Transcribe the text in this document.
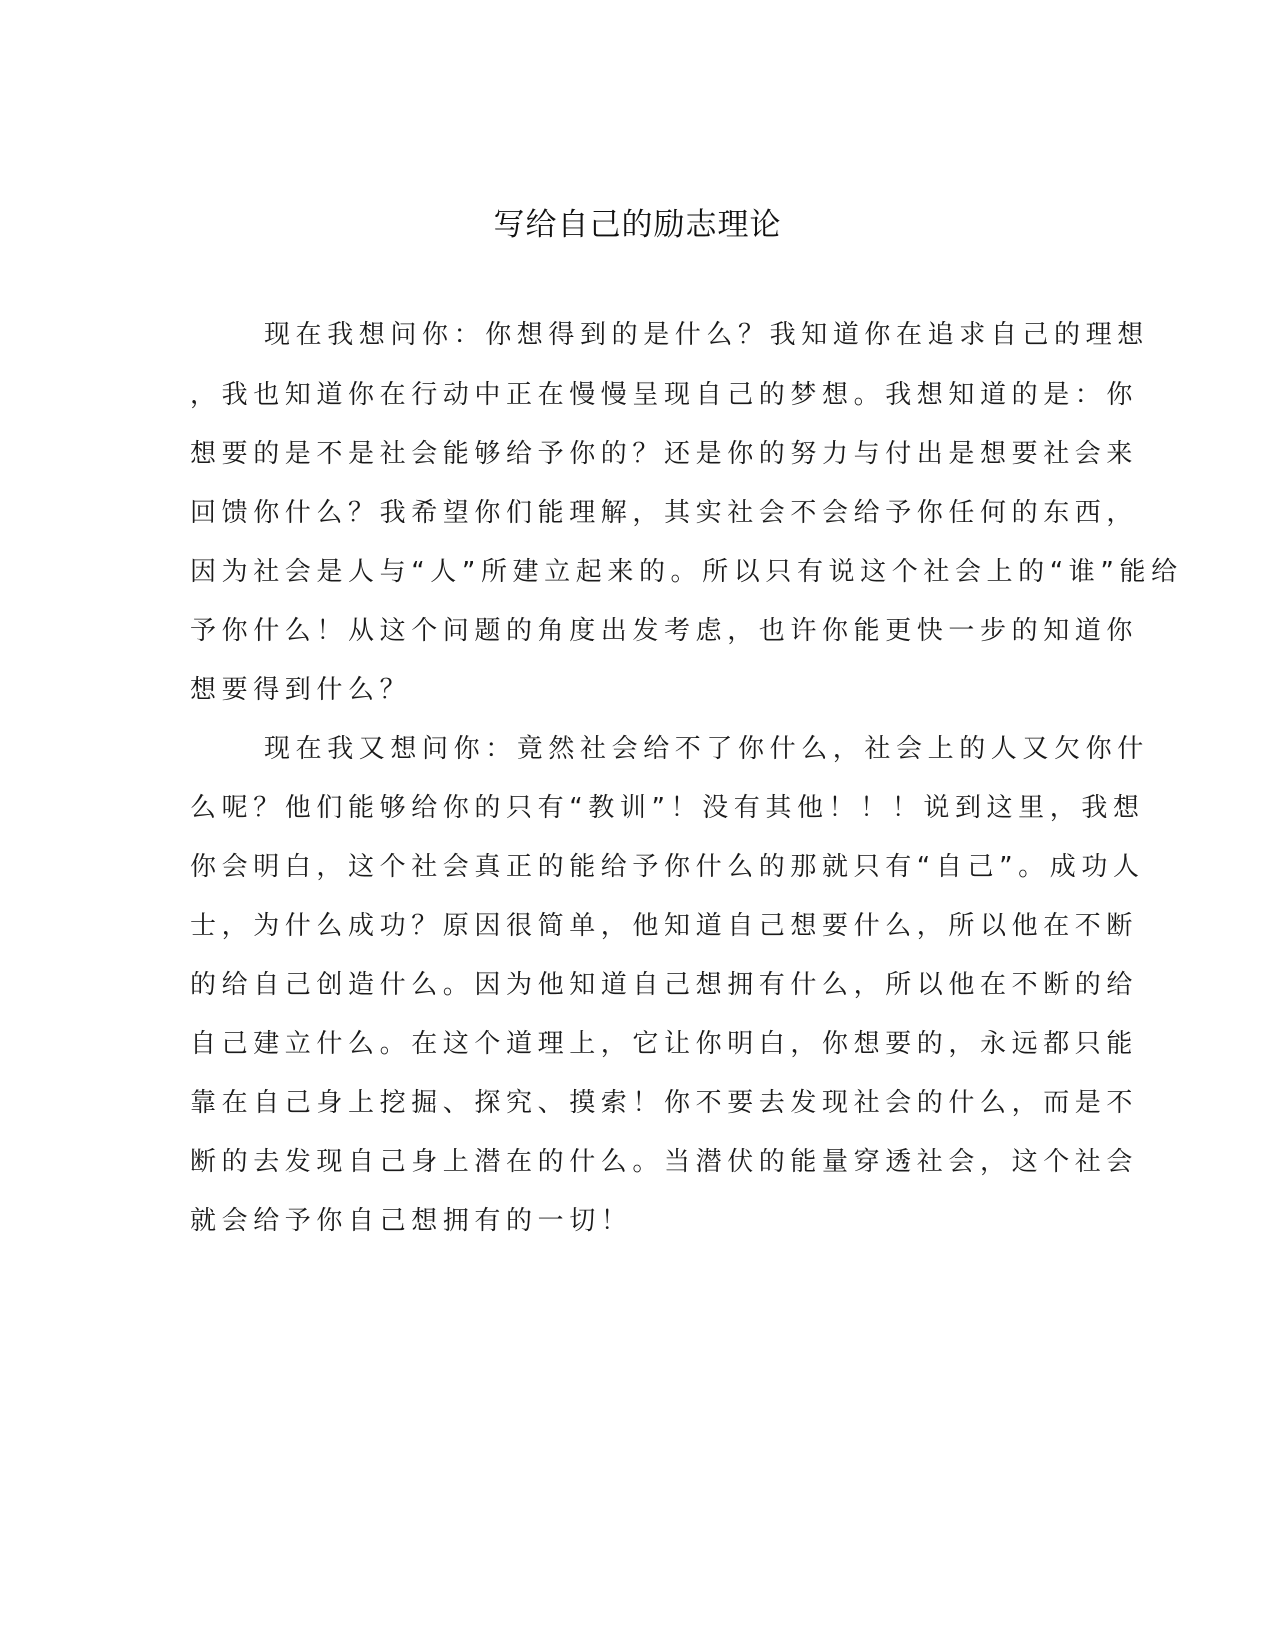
写给自己的励志理论
现在我想问你：你想得到的是什么？我知道你在追求自己的理想
，我也知道你在行动中正在慢慢呈现自己的梦想。我想知道的是：你
想要的是不是社会能够给予你的？还是你的努力与付出是想要社会来
回馈你什么？我希望你们能理解，其实社会不会给予你任何的东西，
因为社会是人与“人”所建立起来的。所以只有说这个社会上的“谁”能给
予你什么！从这个问题的角度出发考虑，也许你能更快一步的知道你
想要得到什么？
现在我又想问你：竟然社会给不了你什么，社会上的人又欠你什
么呢？他们能够给你的只有“教训”！没有其他！！！说到这里，我想
你会明白，这个社会真正的能给予你什么的那就只有“自己”。成功人
士，为什么成功？原因很简单，他知道自己想要什么，所以他在不断
的给自己创造什么。因为他知道自己想拥有什么，所以他在不断的给
自己建立什么。在这个道理上，它让你明白，你想要的，永远都只能
靠在自己身上挖掘、探究、摸索！你不要去发现社会的什么，而是不
断的去发现自己身上潜在的什么。当潜伏的能量穿透社会，这个社会
就会给予你自己想拥有的一切！
